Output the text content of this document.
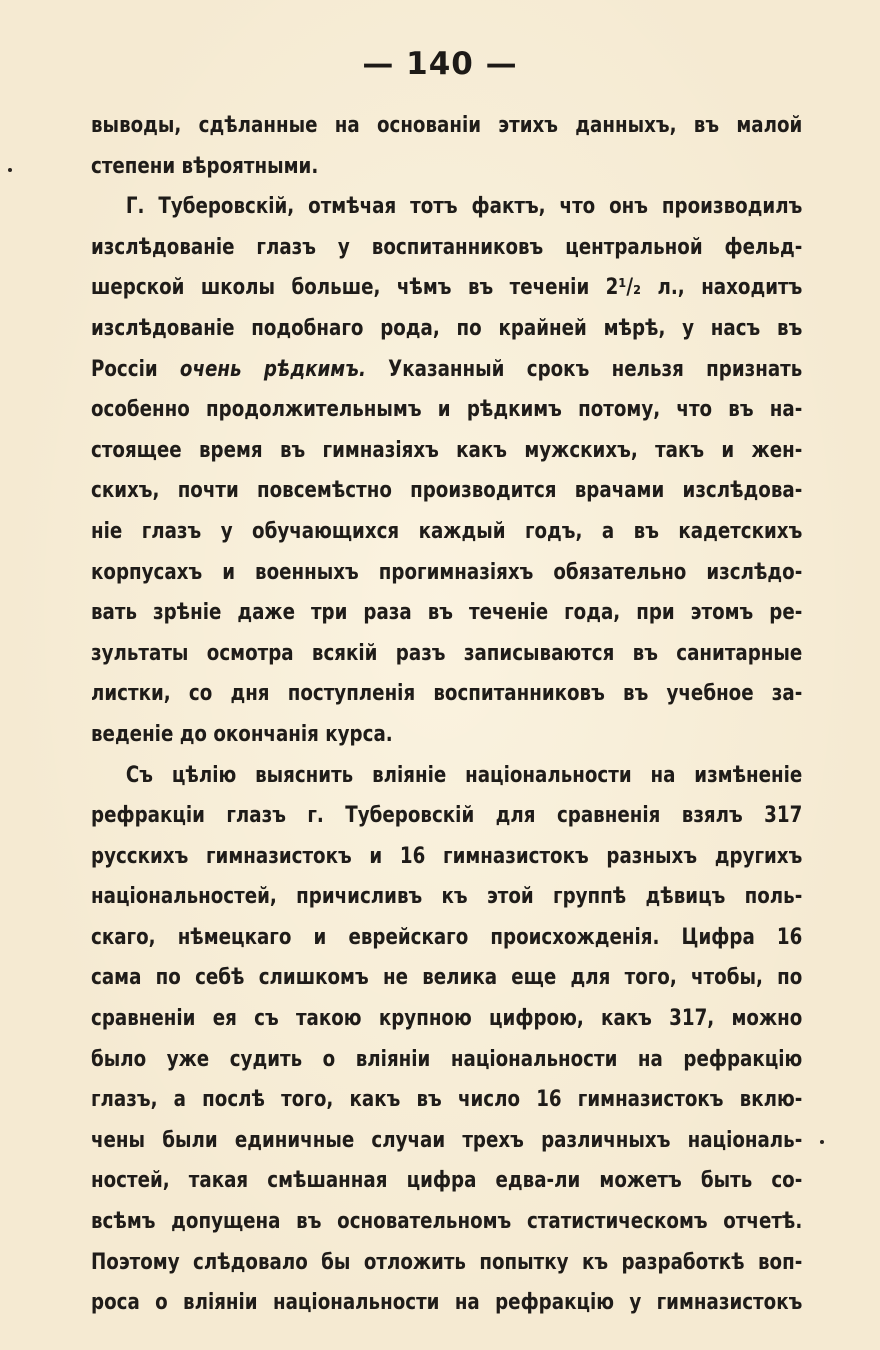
— 140 —
выводы, сдѣланные на основаніи этихъ данныхъ, въ малой
степени вѣроятными.
Г. Туберовскій, отмѣчая тотъ фактъ, что онъ производилъ
изслѣдованіе глазъ у воспитанниковъ центральной фельд-
шерской школы больше, чѣмъ въ теченіи 2¹/₂ л., находитъ
изслѣдованіе подобнаго рода, по крайней мѣрѣ, у насъ въ
Россіи очень рѣдкимъ. Указанный срокъ нельзя признать
особенно продолжительнымъ и рѣдкимъ потому, что въ на-
стоящее время въ гимназіяхъ какъ мужскихъ, такъ и жен-
скихъ, почти повсемѣстно производится врачами изслѣдова-
ніе глазъ у обучающихся каждый годъ, а въ кадетскихъ
корпусахъ и военныхъ прогимназіяхъ обязательно изслѣдо-
вать зрѣніе даже три раза въ теченіе года, при этомъ ре-
зультаты осмотра всякій разъ записываются въ санитарные
листки, со дня поступленія воспитанниковъ въ учебное за-
веденіе до окончанія курса.
Съ цѣлію выяснить вліяніе національности на измѣненіе
рефракціи глазъ г. Туберовскій для сравненія взялъ 317
русскихъ гимназистокъ и 16 гимназистокъ разныхъ другихъ
національностей, причисливъ къ этой группѣ дѣвицъ поль-
скаго, нѣмецкаго и еврейскаго происхожденія. Цифра 16
сама по себѣ слишкомъ не велика еще для того, чтобы, по
сравненіи ея съ такою крупною цифрою, какъ 317, можно
было уже судить о вліяніи національности на рефракцію
глазъ, а послѣ того, какъ въ число 16 гимназистокъ вклю-
чены были единичные случаи трехъ различныхъ національ-
ностей, такая смѣшанная цифра едва-ли можетъ быть со-
всѣмъ допущена въ основательномъ статистическомъ отчетѣ.
Поэтому слѣдовало бы отложить попытку къ разработкѣ воп-
роса о вліяніи національности на рефракцію у гимназистокъ
